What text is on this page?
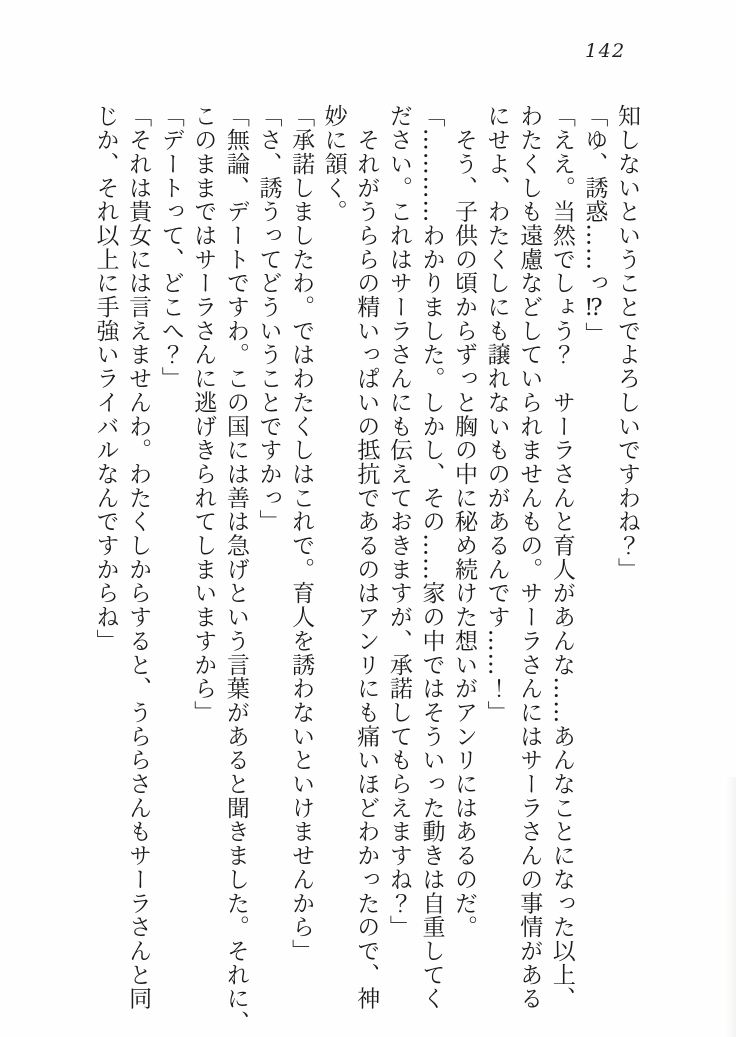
142
知しないということでよろしいですわね？」
「ゆ、誘惑……っ⁉」
「ええ。当然でしょう？　サーラさんと育人があんな……あんなことになった以上、
わたくしも遠慮などしていられませんもの。サーラさんにはサーラさんの事情がある
にせよ、わたくしにも譲れないものがあるんです……！」
　そう、子供の頃からずっと胸の中に秘め続けた想いがアンリにはあるのだ。
「…………わかりました。しかし、その……家の中ではそういった動きは自重してく
ださい。これはサーラさんにも伝えておきますが、承諾してもらえますね？」
　それがうららの精いっぱいの抵抗であるのはアンリにも痛いほどわかったので、神
妙に頷く。
「承諾しましたわ。ではわたくしはこれで。育人を誘わないといけませんから」
「さ、誘うってどういうことですかっ」
「無論、デートですわ。この国には善は急げという言葉があると聞きました。それに、
このままではサーラさんに逃げきられてしまいますから」
「デートって、どこへ？」
「それは貴女には言えませんわ。わたくしからすると、うららさんもサーラさんと同
じか、それ以上に手強いライバルなんですからね」
